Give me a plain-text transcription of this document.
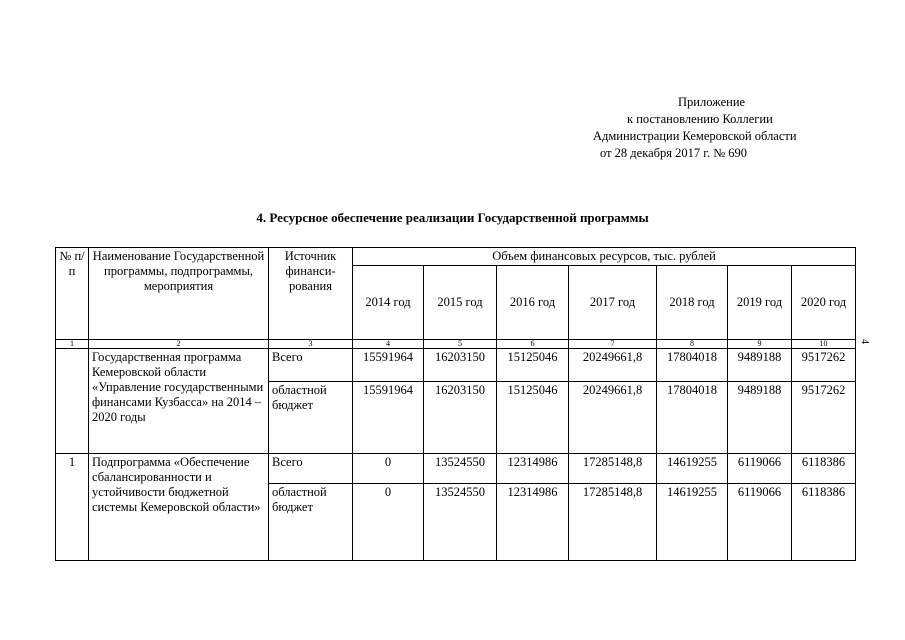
Приложение
к постановлению Коллегии
Администрации Кемеровской области
от 28 декабря 2017 г. № 690
4. Ресурсное обеспечение реализации Государственной программы
4
№ п/п	Наименование Государственной программы, подпрограммы, мероприятия	Источник финанси-рования	Объем финансовых ресурсов, тыс. рублей						
			2014 год	2015 год	2016 год	2017 год	2018 год	2019 год	2020 год
1	2	3	4	5	6	7	8	9	10
	Государственная программа Кемеровской области «Управление государственными финансами Кузбасса» на 2014 – 2020 годы	Всего	15591964	16203150	15125046	20249661,8	17804018	9489188	9517262
		областной бюджет	15591964	16203150	15125046	20249661,8	17804018	9489188	9517262
1	Подпрограмма «Обеспечение сбалансированности и устойчивости бюджетной системы Кемеровской области»	Всего	0	13524550	12314986	17285148,8	14619255	6119066	6118386
		областной бюджет	0	13524550	12314986	17285148,8	14619255	6119066	6118386
